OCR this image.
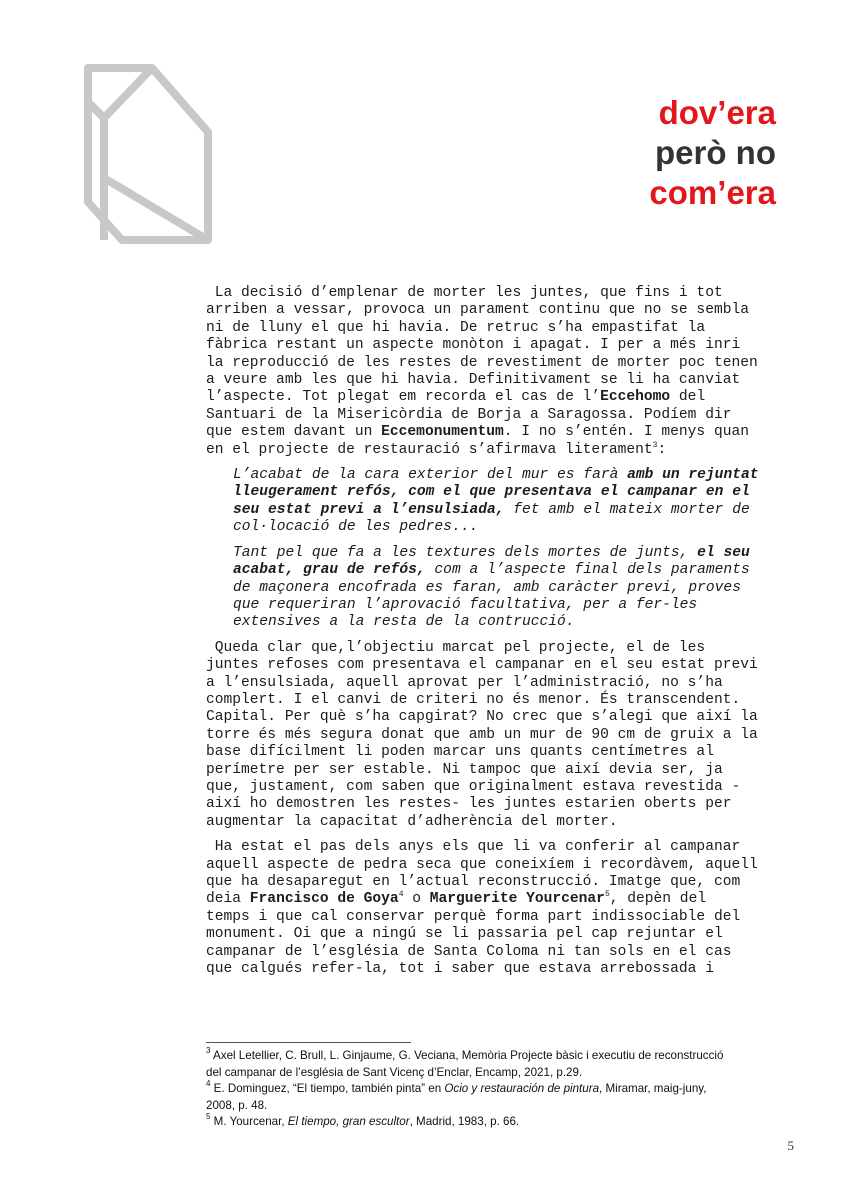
dov’era
però no
com’era

La decisió d’emplenar de morter les juntes, que fins i tot

arriben a vessar, provoca un parament continu que no se sembla

ni de lluny el que hi havia. De retruc s’ha empastifat la

fàbrica restant un aspecte monòton i apagat. I per a més inri

la reproducció de les restes de revestiment de morter poc tenen

a veure amb les que hi havia. Definitivament se li ha canviat

l’aspecte. Tot plegat em recorda el cas de l’Eccehomo del

Santuari de la Misericòrdia de Borja a Saragossa. Podíem dir

que estem davant un Eccemonumentum. I no s’entén. I menys quan

en el projecte de restauració s’afirmava literament$^3$:

L’acabat de la cara exterior del mur es farà amb un rejuntat

lleugerament refós, com el que presentava el campanar en el

seu estat previ a l’ensulsiada, fet amb el mateix morter de

col·locació de les pedres...

Tant pel que fa a les textures dels mortes de junts, el seu

acabat, grau de refós, com a l’aspecte final dels paraments

de maçonera encofrada es faran, amb caràcter previ, proves

que requeriran l’aprovació facultativa, per a fer-les

extensives a la resta de la contrucció.

Queda clar que,l’objectiu marcat pel projecte, el de les

juntes refoses com presentava el campanar en el seu estat previ

a l’ensulsiada, aquell aprovat per l’administració, no s’ha

complert. I el canvi de criteri no és menor. És transcendent.

Capital. Per què s’ha capgirat? No crec que s’alegi que així la

torre és més segura donat que amb un mur de 90 cm de gruix a la

base difícilment li poden marcar uns quants centímetres al

perímetre per ser estable. Ni tampoc que així devia ser, ja

que, justament, com saben que originalment estava revestida -

així ho demostren les restes- les juntes estarien oberts per

augmentar la capacitat d’adherència del morter.

Ha estat el pas dels anys els que li va conferir al campanar

aquell aspecte de pedra seca que coneixíem i recordàvem, aquell

que ha desaparegut en l’actual reconstrucció. Imatge que, com

deia Francisco de Goya$^4$ o Marguerite Yourcenar$^5$, depèn del

temps i que cal conservar perquè forma part indissociable del

monument. Oi que a ningú se li passaria pel cap rejuntar el

campanar de l’església de Santa Coloma ni tan sols en el cas

que calgués refer-la, tot i saber que estava arrebossada i

$^3$ Axel Letellier, C. Brull, L. Ginjaume, G. Veciana, Memòria Projecte bàsic i executiu de reconstrucció

del campanar de l’església de Sant Vicenç d’Enclar, Encamp, 2021, p.29.

$^4$ E. Dominguez, “El tiempo, también pinta” en Ocio y restauración de pintura, Miramar, maig-juny,

2008, p. 48.

$^5$ M. Yourcenar, El tiempo, gran escultor, Madrid, 1983, p. 66.

5
